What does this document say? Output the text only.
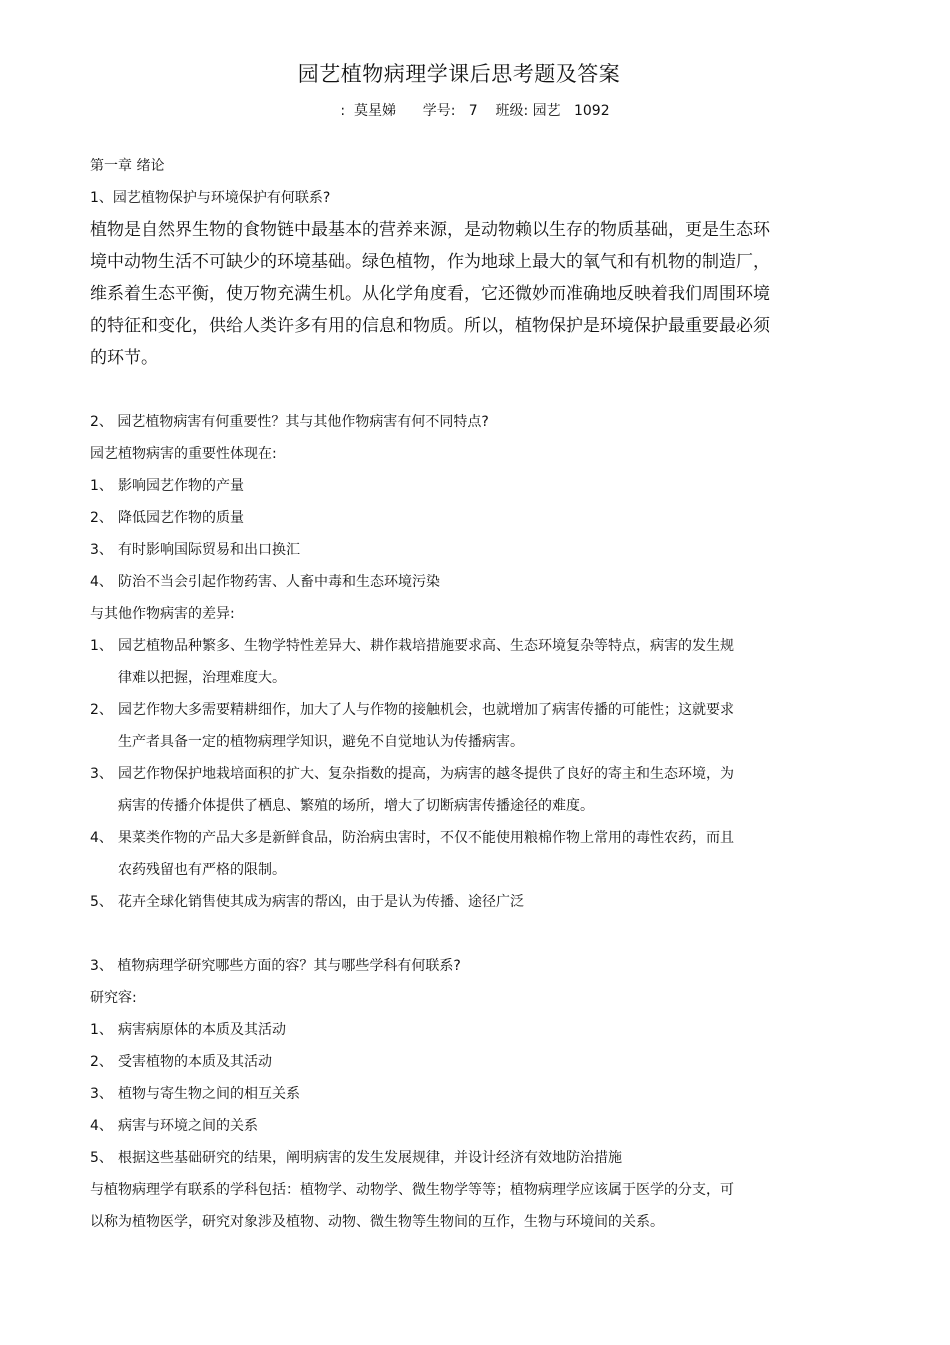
园艺植物病理学课后思考题及答案
:  莫星娣      学号:   7    班级: 园艺   1092
第一章 绪论
1、园艺植物保护与环境保护有何联系?
植物是自然界生物的食物链中最基本的营养来源，是动物赖以生存的物质基础，更是生态环
境中动物生活不可缺少的环境基础。绿色植物，作为地球上最大的氧气和有机物的制造厂，
维系着生态平衡，使万物充满生机。从化学角度看，它还微妙而准确地反映着我们周围环境
的特征和变化，供给人类许多有用的信息和物质。所以，植物保护是环境保护最重要最必须
的环节。
2、 园艺植物病害有何重要性？其与其他作物病害有何不同特点?
园艺植物病害的重要性体现在:
1、 影响园艺作物的产量
2、 降低园艺作物的质量
3、 有时影响国际贸易和出口换汇
4、 防治不当会引起作物药害、人畜中毒和生态环境污染
与其他作物病害的差异:
1、 园艺植物品种繁多、生物学特性差异大、耕作栽培措施要求高、生态环境复杂等特点，病害的发生规
律难以把握，治理难度大。
2、 园艺作物大多需要精耕细作，加大了人与作物的接触机会，也就增加了病害传播的可能性；这就要求
生产者具备一定的植物病理学知识，避免不自觉地认为传播病害。
3、 园艺作物保护地栽培面积的扩大、复杂指数的提高，为病害的越冬提供了良好的寄主和生态环境，为
病害的传播介体提供了栖息、繁殖的场所，增大了切断病害传播途径的难度。
4、 果菜类作物的产品大多是新鲜食品，防治病虫害时，不仅不能使用粮棉作物上常用的毒性农药，而且
农药残留也有严格的限制。
5、 花卉全球化销售使其成为病害的帮凶，由于是认为传播、途径广泛
3、 植物病理学研究哪些方面的容？其与哪些学科有何联系?
研究容:
1、 病害病原体的本质及其活动
2、 受害植物的本质及其活动
3、 植物与寄生物之间的相互关系
4、 病害与环境之间的关系
5、 根据这些基础研究的结果，阐明病害的发生发展规律，并设计经济有效地防治措施
与植物病理学有联系的学科包括：植物学、动物学、微生物学等等；植物病理学应该属于医学的分支，可
以称为植物医学，研究对象涉及植物、动物、微生物等生物间的互作，生物与环境间的关系。
